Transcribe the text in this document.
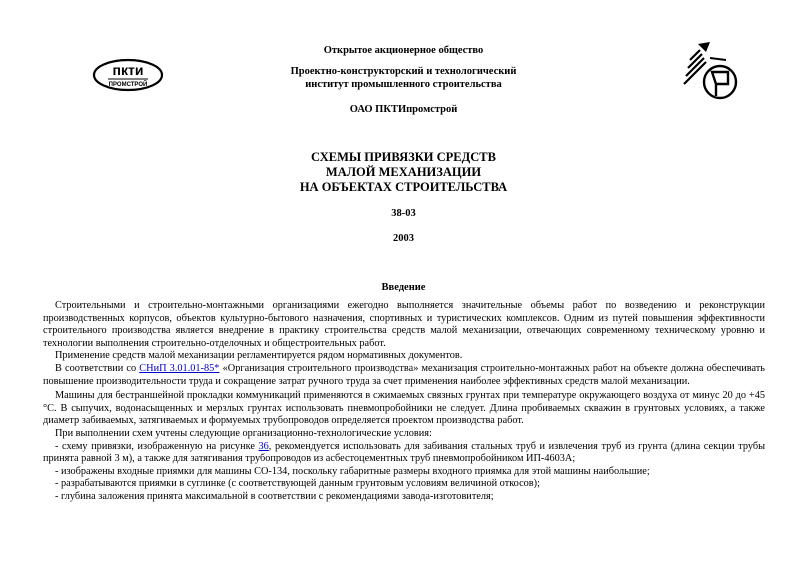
Открытое акционерное общество
Проектно-конструкторский и технологический
институт промышленного строительства
ОАО ПКТИпромстрой
пкти
ПРОМСТРОЙ
СХЕМЫ ПРИВЯЗКИ СРЕДСТВ
МАЛОЙ МЕХАНИЗАЦИИ
НА ОБЪЕКТАХ СТРОИТЕЛЬСТВА
38-03
2003
Введение

Строительными и строительно-монтажными организациями ежегодно выполняется значительные объемы работ по возведению и реконструкции производственных корпусов, объектов культурно-бытового назначения, спортивных и туристических комплексов. Одним из путей повышения эффективности строительного производства является внедрение в практику строительства средств малой механизации, отвечающих современному техническому уровню и технологии выполнения строительно-отделочных и общестроительных работ.

Применение средств малой механизации регламентируется рядом нормативных документов.

В соответствии со СНиП 3.01.01-85* «Организация строительного производства» механизация строительно-монтажных работ на объекте должна обеспечивать повышение производительности труда и сокращение затрат ручного труда за счет применения наиболее эффективных средств малой механизации.

Машины для бестраншейной прокладки коммуникаций применяются в сжимаемых связных грунтах при температуре окружающего воздуха от минус 20 до +45 °С. В сыпучих, водонасыщенных и мерзлых грунтах использовать пневмопробойники не следует. Длина пробиваемых скважин в грунтовых условиях, а также диаметр забиваемых, затягиваемых и формуемых трубопроводов определяется проектом производства работ.

При выполнении схем учтены следующие организационно-технологические условия:

- схему привязки, изображенную на рисунке 36, рекомендуется использовать для забивания стальных труб и извлечения труб из грунта (длина секции трубы принята равной 3 м), а также для затягивания трубопроводов из асбестоцементных труб пневмопробойником ИП-4603А;

- изображены входные приямки для машины СО-134, поскольку габаритные размеры входного приямка для этой машины наибольшие;

- разрабатываются приямки в суглинке (с соответствующей данным грунтовым условиям величиной откосов);

- глубина заложения принята максимальной в соответствии с рекомендациями завода-изготовителя;
